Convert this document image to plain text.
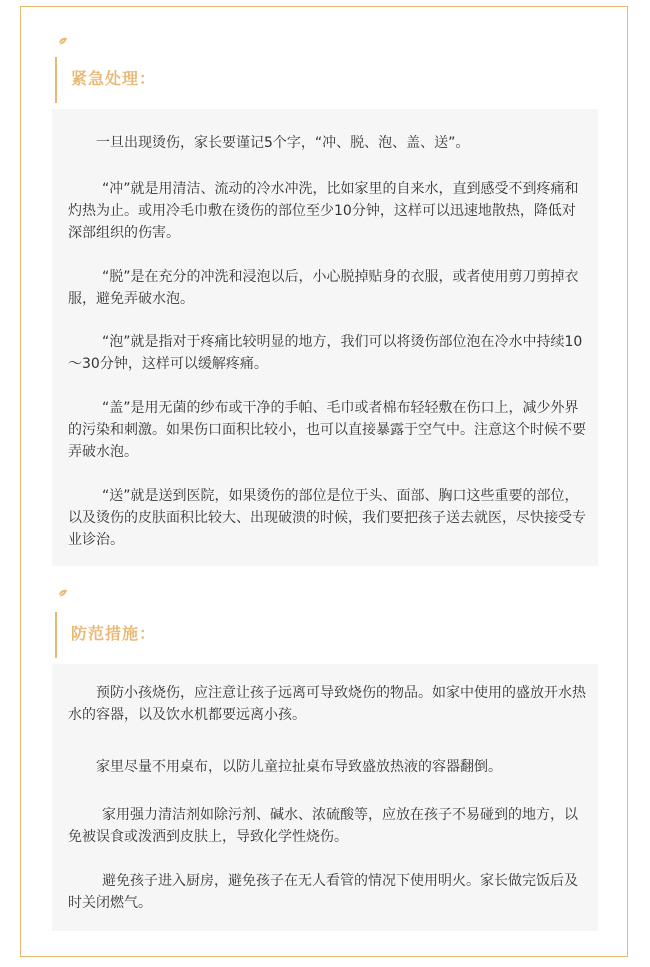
紧急处理：

一旦出现烫伤，家长要谨记5个字，“冲、脱、泡、盖、送”。

“冲”就是用清洁、流动的冷水冲洗，比如家里的自来水，直到感受不到疼痛和灼热为止。或用冷毛巾敷在烫伤的部位至少10分钟，这样可以迅速地散热，降低对深部组织的伤害。

“脱”是在充分的冲洗和浸泡以后，小心脱掉贴身的衣服，或者使用剪刀剪掉衣服，避免弄破水泡。

“泡”就是指对于疼痛比较明显的地方，我们可以将烫伤部位泡在冷水中持续10～30分钟，这样可以缓解疼痛。

“盖”是用无菌的纱布或干净的手帕、毛巾或者棉布轻轻敷在伤口上，减少外界的污染和刺激。如果伤口面积比较小，也可以直接暴露于空气中。注意这个时候不要弄破水泡。

“送”就是送到医院，如果烫伤的部位是位于头、面部、胸口这些重要的部位，以及烫伤的皮肤面积比较大、出现破溃的时候，我们要把孩子送去就医，尽快接受专业诊治。

防范措施：

预防小孩烧伤，应注意让孩子远离可导致烧伤的物品。如家中使用的盛放开水热水的容器，以及饮水机都要远离小孩。

家里尽量不用桌布，以防儿童拉扯桌布导致盛放热液的容器翻倒。

家用强力清洁剂如除污剂、碱水、浓硫酸等，应放在孩子不易碰到的地方，以免被误食或泼洒到皮肤上，导致化学性烧伤。

避免孩子进入厨房，避免孩子在无人看管的情况下使用明火。家长做完饭后及时关闭燃气。
